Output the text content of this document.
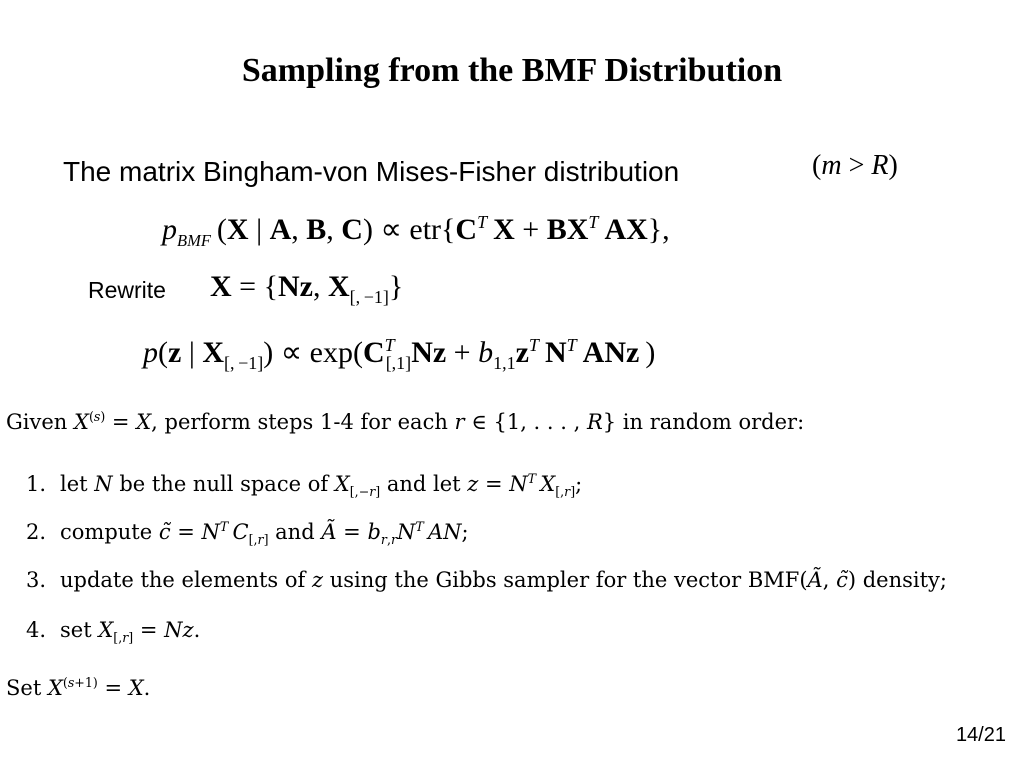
Sampling from the BMF Distribution
The matrix Bingham-von Mises-Fisher distribution	(m > R)
$p_{BMF}$ (X | A, B, $C) \propto etr\{C^T$  $X + BX^T$  AX},
Rewrite X = {Nz, $X_{[, -1]}$}
p(z | $X_{[, -1]}) \propto \exp(C^T_{[,1]}Nz + b_{1,1}z^T$  $N^T$  ANz )
Given $X^{(s)} = X$, perform steps 1-4 for each r ∈ {1, . . . , R} in random order:
1. let N be the null space of $X_{[,-r]}$ and let $z = N^T$  $X_{[,r]}$;
2. compute c̃ = $N^T$  $C_{[,r]}$ and Ã = $b_{r,r}N^T$  AN;
3. update the elements of z using the Gibbs sampler for the vector BMF(Ã, c̃) density;
4. set $X_{[,r]} = Nz$.
Set $X^{(s+1)} = X$.
14/21
